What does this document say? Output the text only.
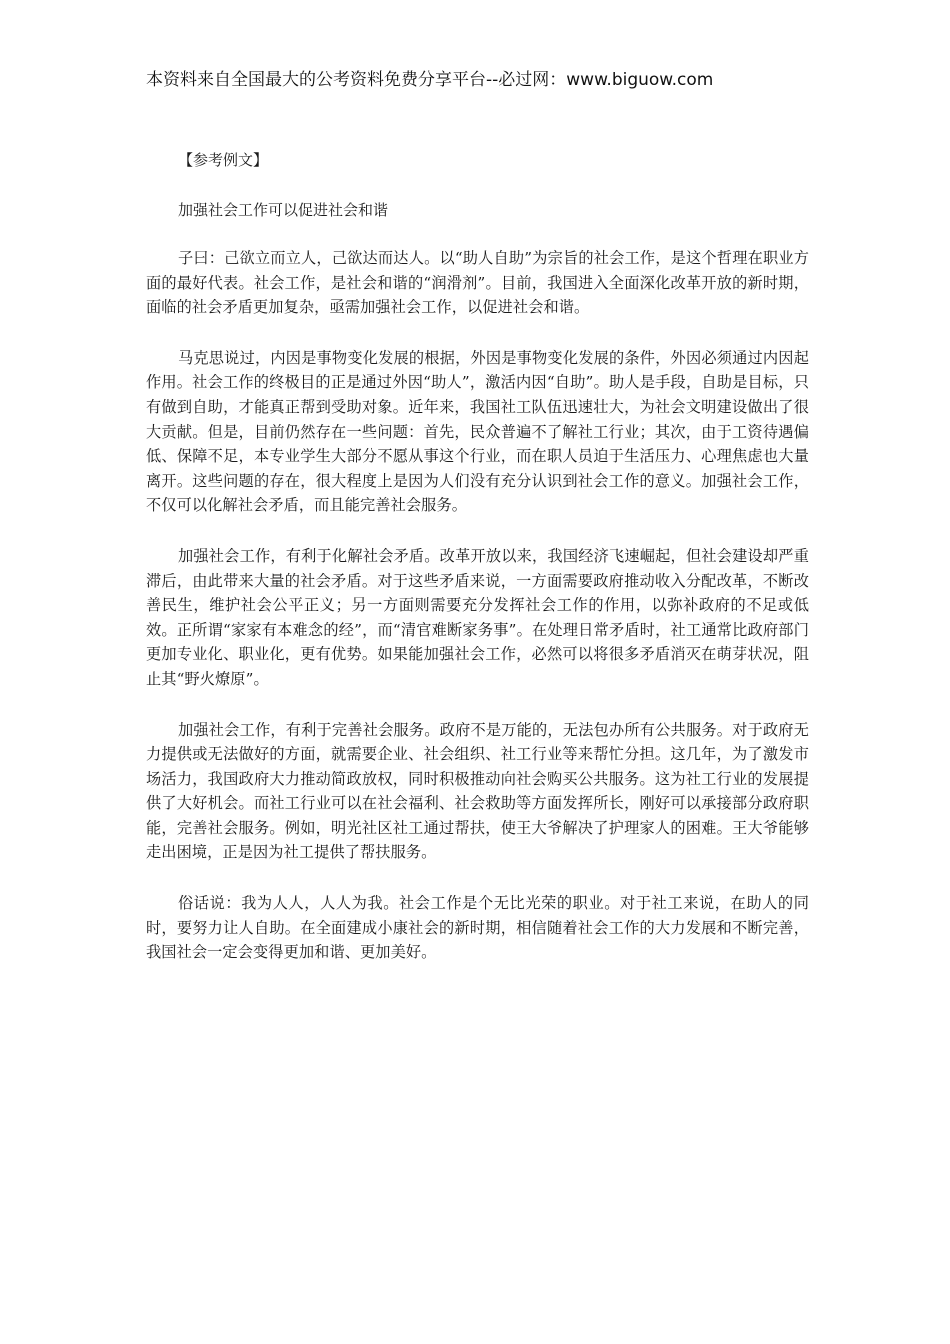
本资料来自全国最大的公考资料免费分享平台--必过网：www.biguow.com

【参考例文】

加强社会工作可以促进社会和谐

子曰：己欲立而立人，己欲达而达人。以“助人自助”为宗旨的社会工作，是这个哲理在职业方面的最好代表。社会工作，是社会和谐的“润滑剂”。目前，我国进入全面深化改革开放的新时期，面临的社会矛盾更加复杂，亟需加强社会工作，以促进社会和谐。

马克思说过，内因是事物变化发展的根据，外因是事物变化发展的条件，外因必须通过内因起作用。社会工作的终极目的正是通过外因“助人”，激活内因“自助”。助人是手段，自助是目标，只有做到自助，才能真正帮到受助对象。近年来，我国社工队伍迅速壮大，为社会文明建设做出了很大贡献。但是，目前仍然存在一些问题：首先，民众普遍不了解社工行业；其次，由于工资待遇偏低、保障不足，本专业学生大部分不愿从事这个行业，而在职人员迫于生活压力、心理焦虑也大量离开。这些问题的存在，很大程度上是因为人们没有充分认识到社会工作的意义。加强社会工作，不仅可以化解社会矛盾，而且能完善社会服务。

加强社会工作，有利于化解社会矛盾。改革开放以来，我国经济飞速崛起，但社会建设却严重滞后，由此带来大量的社会矛盾。对于这些矛盾来说，一方面需要政府推动收入分配改革，不断改善民生，维护社会公平正义；另一方面则需要充分发挥社会工作的作用，以弥补政府的不足或低效。正所谓“家家有本难念的经”，而“清官难断家务事”。在处理日常矛盾时，社工通常比政府部门更加专业化、职业化，更有优势。如果能加强社会工作，必然可以将很多矛盾消灭在萌芽状况，阻止其“野火燎原”。

加强社会工作，有利于完善社会服务。政府不是万能的，无法包办所有公共服务。对于政府无力提供或无法做好的方面，就需要企业、社会组织、社工行业等来帮忙分担。这几年，为了激发市场活力，我国政府大力推动简政放权，同时积极推动向社会购买公共服务。这为社工行业的发展提供了大好机会。而社工行业可以在社会福利、社会救助等方面发挥所长，刚好可以承接部分政府职能，完善社会服务。例如，明光社区社工通过帮扶，使王大爷解决了护理家人的困难。王大爷能够走出困境，正是因为社工提供了帮扶服务。

俗话说：我为人人，人人为我。社会工作是个无比光荣的职业。对于社工来说，在助人的同时，要努力让人自助。在全面建成小康社会的新时期，相信随着社会工作的大力发展和不断完善，我国社会一定会变得更加和谐、更加美好。
